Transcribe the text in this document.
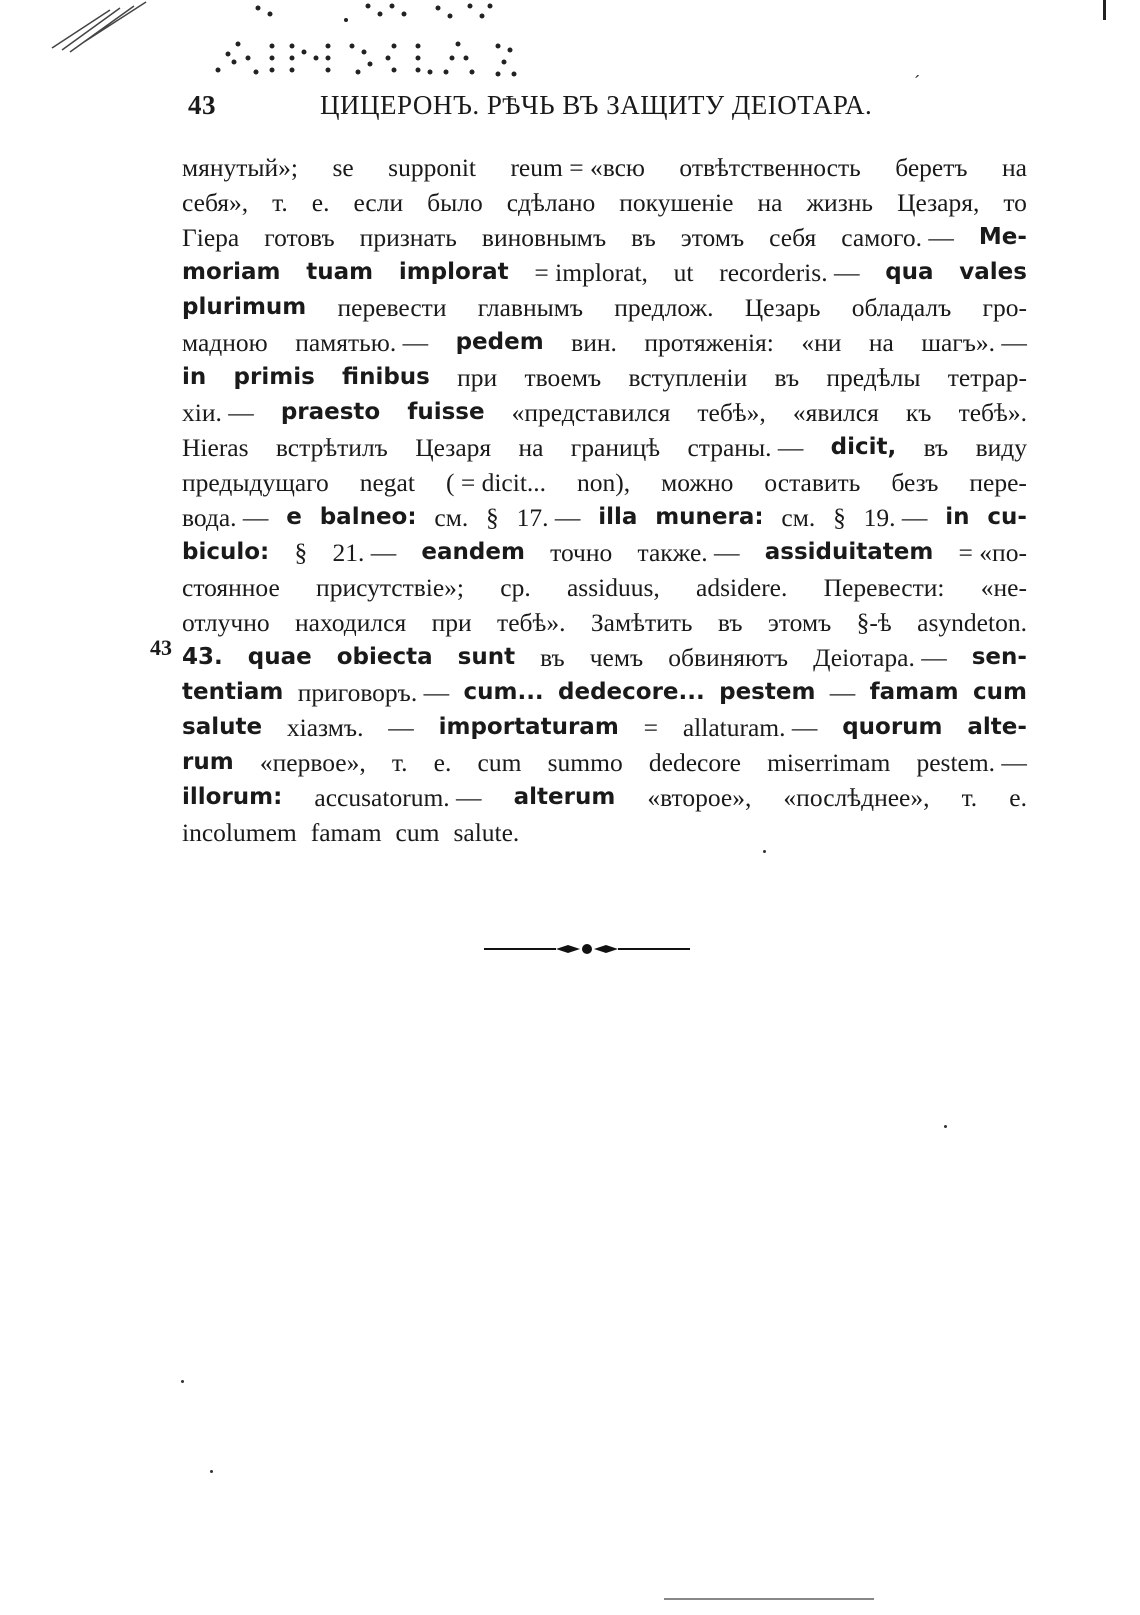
43	ЦИЦЕРОНЪ. РѢЧЬ ВЪ ЗАЩИТУ ДЕІОТАРА.
ˊ
43
мянутый»; se supponit reum = «всю отвѣтственность беретъ на
себя», т. е. если было сдѣлано покушеніе на жизнь Цезаря, то
Гіера готовъ признать виновнымъ въ этомъ себя самого. — Me-
moriam tuam implorat = implorat, ut recorderis. — qua vales
plurimum перевести главнымъ предлож. Цезарь обладалъ гро-
мадною памятью. — pedem вин. протяженія: «ни на шагъ». —
in primis finibus при твоемъ вступленіи въ предѣлы тетрар-
хіи. — praesto fuisse «представился тебѣ», «явился къ тебѣ».
Hieras встрѣтилъ Цезаря на границѣ страны. — dicit, въ виду
предыдущаго negat ( = dicit... non), можно оставить безъ пере-
вода. — e balneo: см. § 17. — illa munera: см. § 19. — in cu-
biculo: § 21. — eandem точно также. — assiduitatem = «по-
стоянное присутствіе»; ср. assiduus, adsidere. Перевести: «не-
отлучно находился при тебѣ». Замѣтить въ этомъ §-ѣ asyndeton.
43. quae obiecta sunt въ чемъ обвиняютъ Деіотара. — sen-
tentiam приговоръ. — cum... dedecore... pestem — famam cum
salute хіазмъ. — importaturam = allaturam. — quorum alte-
rum «первое», т. е. cum summo dedecore miserrimam pestem. —
illorum: accusatorum. — alterum «второе», «послѣднее», т. е.
incolumem famam cum salute.
